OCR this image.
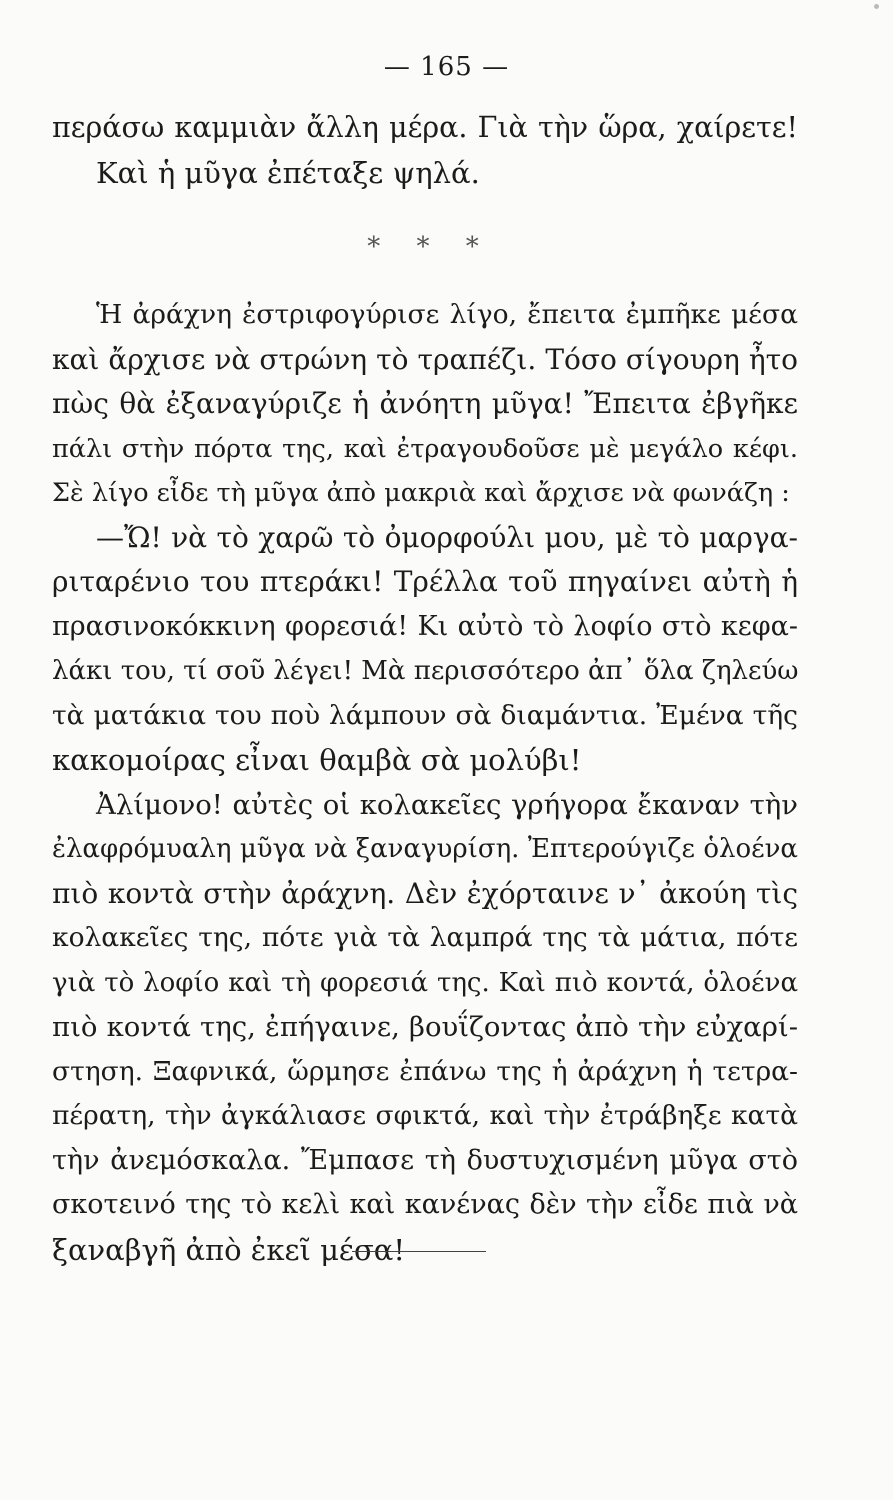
— 165 —
περάσω καμμιὰν ἄλλη μέρα. Γιὰ τὴν ὥρα, χαίρετε!
Καὶ ἡ μῦγα ἐπέταξε ψηλά.
* * *
Ἡ ἀράχνη ἐστριφογύρισε λίγο, ἔπειτα ἐμπῆκε μέσα
καὶ ἄρχισε νὰ στρώνη τὸ τραπέζι. Τόσο σίγουρη ἦτο
πὼς θὰ ἐξαναγύριζε ἡ ἀνόητη μῦγα! Ἔπειτα ἐβγῆκε
πάλι στὴν πόρτα της, καὶ ἐτραγουδοῦσε μὲ μεγάλο κέφι.
Σὲ λίγο εἶδε τὴ μῦγα ἀπὸ μακριὰ καὶ ἄρχισε νὰ φωνάζη :
—Ὤ! νὰ τὸ χαρῶ τὸ ὀμορφούλι μου, μὲ τὸ μαργα-
ριταρένιο του πτεράκι! Τρέλλα τοῦ πηγαίνει αὐτὴ ἡ
πρασινοκόκκινη φορεσιά! Κι αὐτὸ τὸ λοφίο στὸ κεφα-
λάκι του, τί σοῦ λέγει! Μὰ περισσότερο ἀπ᾽ ὅλα ζηλεύω
τὰ ματάκια του ποὺ λάμπουν σὰ διαμάντια. Ἐμένα τῆς
κακομοίρας εἶναι θαμβὰ σὰ μολύβι!
Ἀλίμονο! αὐτὲς οἱ κολακεῖες γρήγορα ἔκαναν τὴν
ἐλαφρόμυαλη μῦγα νὰ ξαναγυρίση. Ἐπτερούγιζε ὁλοένα
πιὸ κοντὰ στὴν ἀράχνη. Δὲν ἐχόρταινε ν᾽ ἀκούη τὶς
κολακεῖες της, πότε γιὰ τὰ λαμπρά της τὰ μάτια, πότε
γιὰ τὸ λοφίο καὶ τὴ φορεσιά της. Καὶ πιὸ κοντά, ὁλοένα
πιὸ κοντά της, ἐπήγαινε, βουΐζοντας ἀπὸ τὴν εὐχαρί-
στηση. Ξαφνικά, ὥρμησε ἐπάνω της ἡ ἀράχνη ἡ τετρα-
πέρατη, τὴν ἀγκάλιασε σφικτά, καὶ τὴν ἐτράβηξε κατὰ
τὴν ἀνεμόσκαλα. Ἔμπασε τὴ δυστυχισμένη μῦγα στὸ
σκοτεινό της τὸ κελὶ καὶ κανένας δὲν τὴν εἶδε πιὰ νὰ
ξαναβγῆ ἀπὸ ἐκεῖ μέσα!
